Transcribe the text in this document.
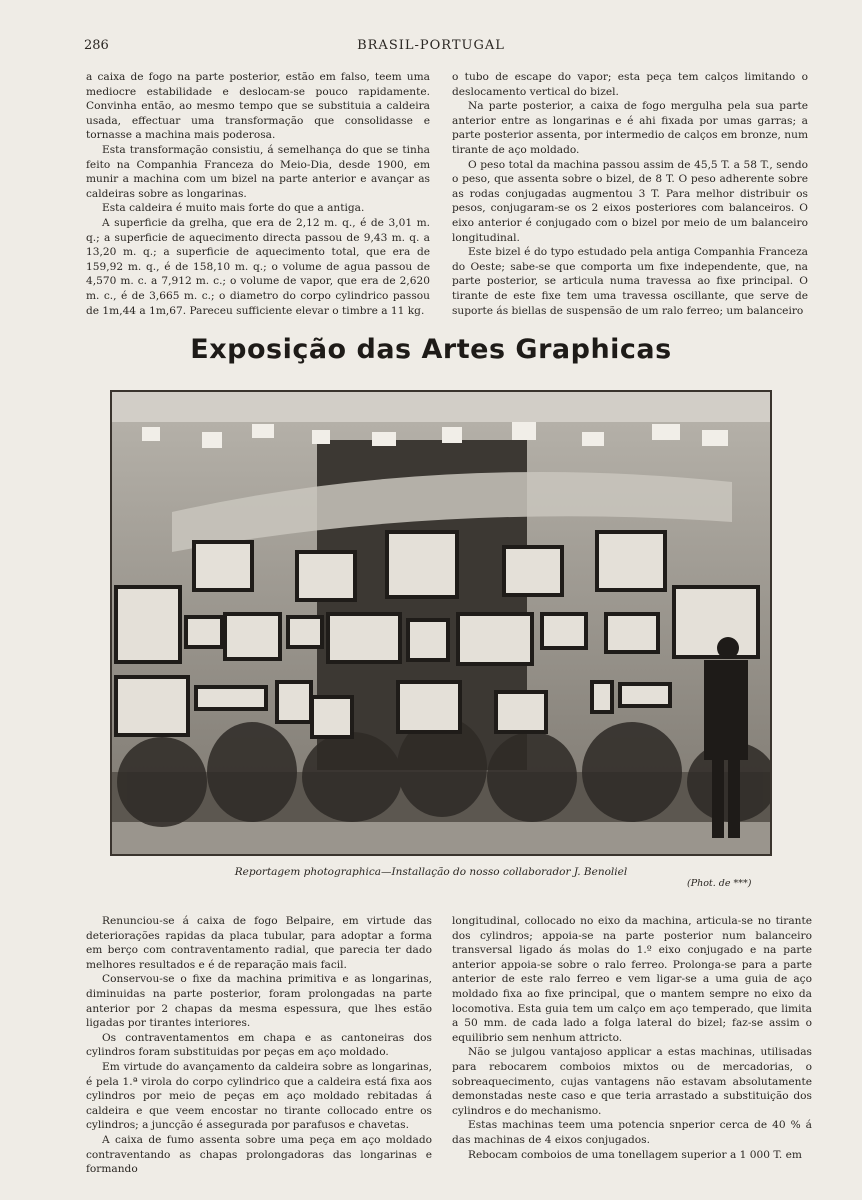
286	BRASIL-PORTUGAL

a caixa de fogo na parte posterior, estão em falso, teem uma mediocre estabilidade e deslocam-se pouco rapidamente. Convinha então, ao mesmo tempo que se substituia a caldeira usada, effectuar uma transformação que consolidasse e tornasse a machina mais poderosa.

Esta transformação consistiu, á semelhança do que se tinha feito na Companhia Franceza do Meio-Dia, desde 1900, em munir a machina com um bizel na parte anterior e avançar as caldeiras sobre as longarinas.

Esta caldeira é muito mais forte do que a antiga.

A superficie da grelha, que era de 2,12 m. q., é de 3,01 m. q.; a superficie de aquecimento directa passou de 9,43 m. q. a 13,20 m. q.; a superficie de aquecimento total, que era de 159,92 m. q., é de 158,10 m. q.; o volume de agua passou de 4,570 m. c. a 7,912 m. c.; o volume de vapor, que era de 2,620 m. c., é de 3,665 m. c.; o diametro do corpo cylindrico passou de 1m,44 a 1m,67. Pareceu sufficiente elevar o timbre a 11 kg.

o tubo de escape do vapor; esta peça tem calços limitando o deslocamento vertical do bizel.

Na parte posterior, a caixa de fogo mergulha pela sua parte anterior entre as longarinas e é ahi fixada por umas garras; a parte posterior assenta, por intermedio de calços em bronze, num tirante de aço moldado.

O peso total da machina passou assim de 45,5 T. a 58 T., sendo o peso, que assenta sobre o bizel, de 8 T. O peso adherente sobre as rodas conjugadas augmentou 3 T. Para melhor distribuir os pesos, conjugaram-se os 2 eixos posteriores com balanceiros. O eixo anterior é conjugado com o bizel por meio de um balanceiro longitudinal.

Este bizel é do typo estudado pela antiga Companhia Franceza do Oeste; sabe-se que comporta um fixe independente, que, na parte posterior, se articula numa travessa ao fixe principal. O tirante de este fixe tem uma travessa oscillante, que serve de suporte ás biellas de suspensão de um ralo ferreo; um balanceiro

Exposição das Artes Graphicas
Reportagem photographica—Installação do nosso collaborador J. Benoliel
(Phot. de ***)

Renunciou-se á caixa de fogo Belpaire, em virtude das deteriorações rapidas da placa tubular, para adoptar a forma em berço com contraventamento radial, que parecia ter dado melhores resultados e é de reparação mais facil.

Conservou-se o fixe da machina primitiva e as longarinas, diminuidas na parte posterior, foram prolongadas na parte anterior por 2 chapas da mesma espessura, que lhes estão ligadas por tirantes interiores.

Os contraventamentos em chapa e as cantoneiras dos cylindros foram substituidas por peças em aço moldado.

Em virtude do avançamento da caldeira sobre as longarinas, é pela 1.ª virola do corpo cylindrico que a caldeira está fixa aos cylindros por meio de peças em aço moldado rebitadas á caldeira e que veem encostar no tirante collocado entre os cylindros; a juncção é assegurada por parafusos e chavetas.

A caixa de fumo assenta sobre uma peça em aço moldado contraventando as chapas prolongadoras das longarinas e formando

longitudinal, collocado no eixo da machina, articula-se no tirante dos cylindros; appoia-se na parte posterior num balanceiro transversal ligado ás molas do 1.º eixo conjugado e na parte anterior appoia-se sobre o ralo ferreo. Prolonga-se para a parte anterior de este ralo ferreo e vem ligar-se a uma guia de aço moldado fixa ao fixe principal, que o mantem sempre no eixo da locomotiva. Esta guia tem um calço em aço temperado, que limita a 50 mm. de cada lado a folga lateral do bizel; faz-se assim o equilibrio sem nenhum attricto.

Não se julgou vantajoso applicar a estas machinas, utilisadas para rebocarem comboios mixtos ou de mercadorias, o sobreaquecimento, cujas vantagens não estavam absolutamente demonstadas neste caso e que teria arrastado a substituição dos cylindros e do mechanismo.

Estas machinas teem uma potencia snperior cerca de 40 % á das machinas de 4 eixos conjugados.

Rebocam comboios de uma tonellagem superior a 1 000 T. em
